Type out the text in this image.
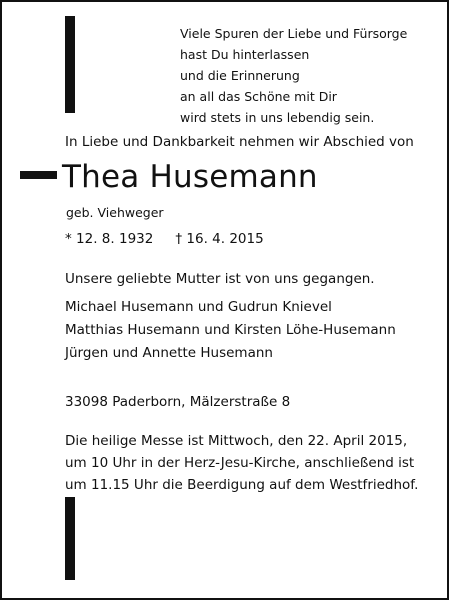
Viele Spuren der Liebe und Fürsorge
hast Du hinterlassen
und die Erinnerung
an all das Schöne mit Dir
wird stets in uns lebendig sein.
In Liebe und Dankbarkeit nehmen wir Abschied von
Thea Husemann
geb. Viehweger
* 12. 8. 1932 † 16. 4. 2015
Unsere geliebte Mutter ist von uns gegangen.
Michael Husemann und Gudrun Knievel
Matthias Husemann und Kirsten Löhe-Husemann
Jürgen und Annette Husemann
33098 Paderborn, Mälzerstraße 8
Die heilige Messe ist Mittwoch, den 22. April 2015,
um 10 Uhr in der Herz-Jesu-Kirche, anschließend ist
um 11.15 Uhr die Beerdigung auf dem Westfriedhof.
